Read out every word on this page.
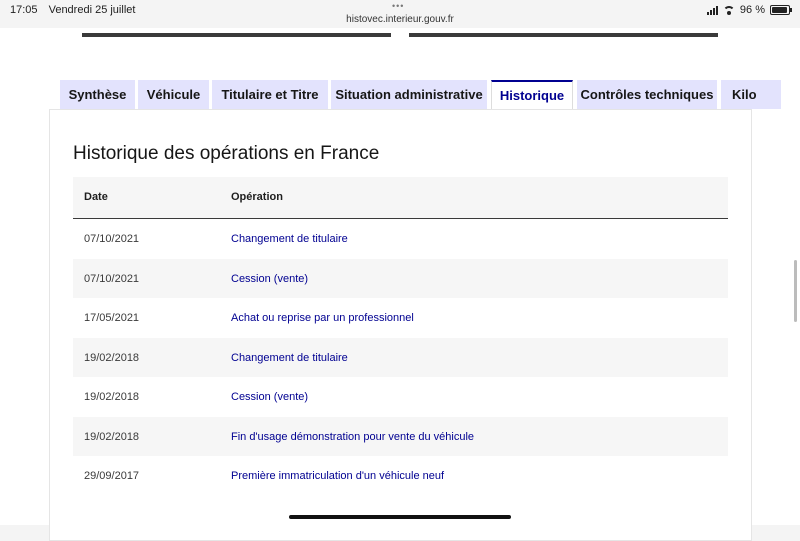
17:05 Vendredi 25 juillet	•••
histovec.interieur.gouv.fr
96 %
Synthèse	Véhicule	Titulaire et Titre	Situation administrative	Historique	Contrôles techniques	Kilo
Historique des opérations en France
Date	Opération
07/10/2021	Changement de titulaire
07/10/2021	Cession (vente)
17/05/2021	Achat ou reprise par un professionnel
19/02/2018	Changement de titulaire
19/02/2018	Cession (vente)
19/02/2018	Fin d'usage démonstration pour vente du véhicule
29/09/2017	Première immatriculation d'un véhicule neuf
